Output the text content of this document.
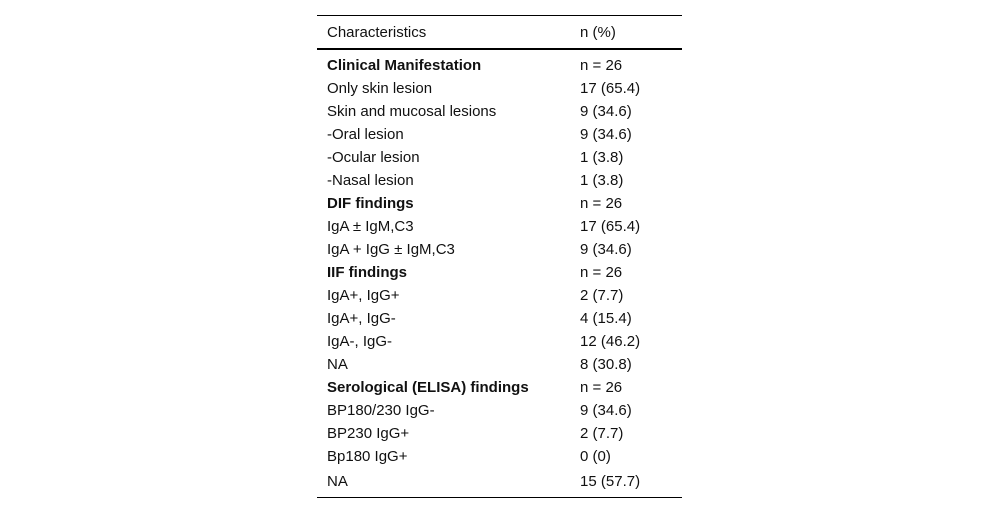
Characteristics	n (%)
Clinical Manifestation	n = 26
Only skin lesion	17 (65.4)
Skin and mucosal lesions	9 (34.6)
-Oral lesion	9 (34.6)
-Ocular lesion	1 (3.8)
-Nasal lesion	1 (3.8)
DIF findings	n = 26
IgA ± IgM,C3	17 (65.4)
IgA + IgG ± IgM,C3	9 (34.6)
IIF findings	n = 26
IgA+, IgG+	2 (7.7)
IgA+, IgG-	4 (15.4)
IgA-, IgG-	12 (46.2)
NA	8 (30.8)
Serological (ELISA) findings	n = 26
BP180/230 IgG-	9 (34.6)
BP230 IgG+	2 (7.7)
Bp180 IgG+	0 (0)
NA	15 (57.7)
